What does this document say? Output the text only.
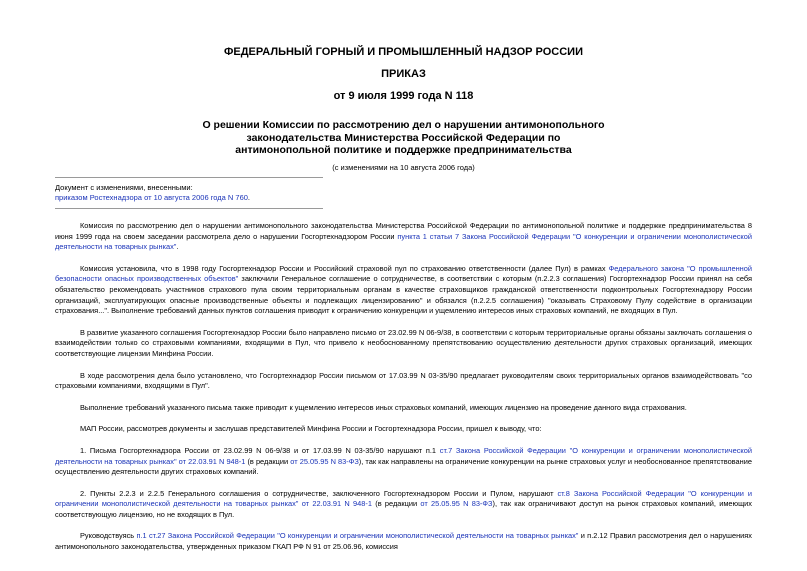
ФЕДЕРАЛЬНЫЙ ГОРНЫЙ И ПРОМЫШЛЕННЫЙ НАДЗОР РОССИИ
ПРИКАЗ
от 9 июля 1999 года N 118
О решении Комиссии по рассмотрению дел о нарушении антимонопольного законодательства Министерства Российской Федерации по антимонопольной политике и поддержке предпринимательства
(с изменениями на 10 августа 2006 года)
Документ с изменениями, внесенными:
приказом Ростехнадзора от 10 августа 2006 года N 760.

Комиссия по рассмотрению дел о нарушении антимонопольного законодательства Министерства Российской Федерации по антимонопольной политике и поддержке предпринимательства 8 июня 1999 года на своем заседании рассмотрела дело о нарушении Госгортехнадзором России пункта 1 статьи 7 Закона Российской Федерации "О конкуренции и ограничении монополистической деятельности на товарных рынках".

Комиссия установила, что в 1998 году Госгортехнадзор России и Российский страховой пул по страхованию ответственности (далее Пул) в рамках Федерального закона "О промышленной безопасности опасных производственных объектов" заключили Генеральное соглашение о сотрудничестве, в соответствии с которым (п.2.2.3 соглашения) Госгортехнадзор России принял на себя обязательство рекомендовать участников страхового пула своим территориальным органам в качестве страховщиков гражданской ответственности подконтрольных Госгортехнадзору России организаций, эксплуатирующих опасные производственные объекты и подлежащих лицензированию" и обязался (п.2.2.5 соглашения) "оказывать Страховому Пулу содействие в организации страхования...". Выполнение требований данных пунктов соглашения приводит к ограничению конкуренции и ущемлению интересов иных страховых компаний, не входящих в Пул.

В развитие указанного соглашения Госгортехнадзор России было направлено письмо от 23.02.99 N 06-9/38, в соответствии с которым территориальные органы обязаны заключать соглашения о взаимодействии только со страховыми компаниями, входящими в Пул, что привело к необоснованному препятствованию осуществлению деятельности других страховых организаций, имеющих соответствующие лицензии Минфина России.

В ходе рассмотрения дела было установлено, что Госгортехнадзор России письмом от 17.03.99 N 03-35/90 предлагает руководителям своих территориальных органов взаимодействовать "со страховыми компаниями, входящими в Пул".

Выполнение требований указанного письма также приводит к ущемлению интересов иных страховых компаний, имеющих лицензию на проведение данного вида страхования.

МАП России, рассмотрев документы и заслушав представителей Минфина России и Госгортехнадзора России, пришел к выводу, что:

1. Письма Госгортехнадзора России от 23.02.99 N 06-9/38 и от 17.03.99 N 03-35/90 нарушают п.1 ст.7 Закона Российской Федерации "О конкуренции и ограничении монополистической деятельности на товарных рынках" от 22.03.91 N 948-1 (в редакции от 25.05.95 N 83-ФЗ), так как направлены на ограничение конкуренции на рынке страховых услуг и необоснованное препятствование осуществлению деятельности других страховых компаний.

2. Пункты 2.2.3 и 2.2.5 Генерального соглашения о сотрудничестве, заключенного Госгортехнадзором России и Пулом, нарушают ст.8 Закона Российской Федерации "О конкуренции и ограничении монополистической деятельности на товарных рынках" от 22.03.91 N 948-1 (в редакции от 25.05.95 N 83-ФЗ), так как ограничивают доступ на рынок страховых компаний, имеющих соответствующую лицензию, но не входящих в Пул.

Руководствуясь п.1 ст.27 Закона Российской Федерации "О конкуренции и ограничении монополистической деятельности на товарных рынках" и п.2.12 Правил рассмотрения дел о нарушениях антимонопольного законодательства, утвержденных приказом ГКАП РФ N 91 от 25.06.96, комиссия
